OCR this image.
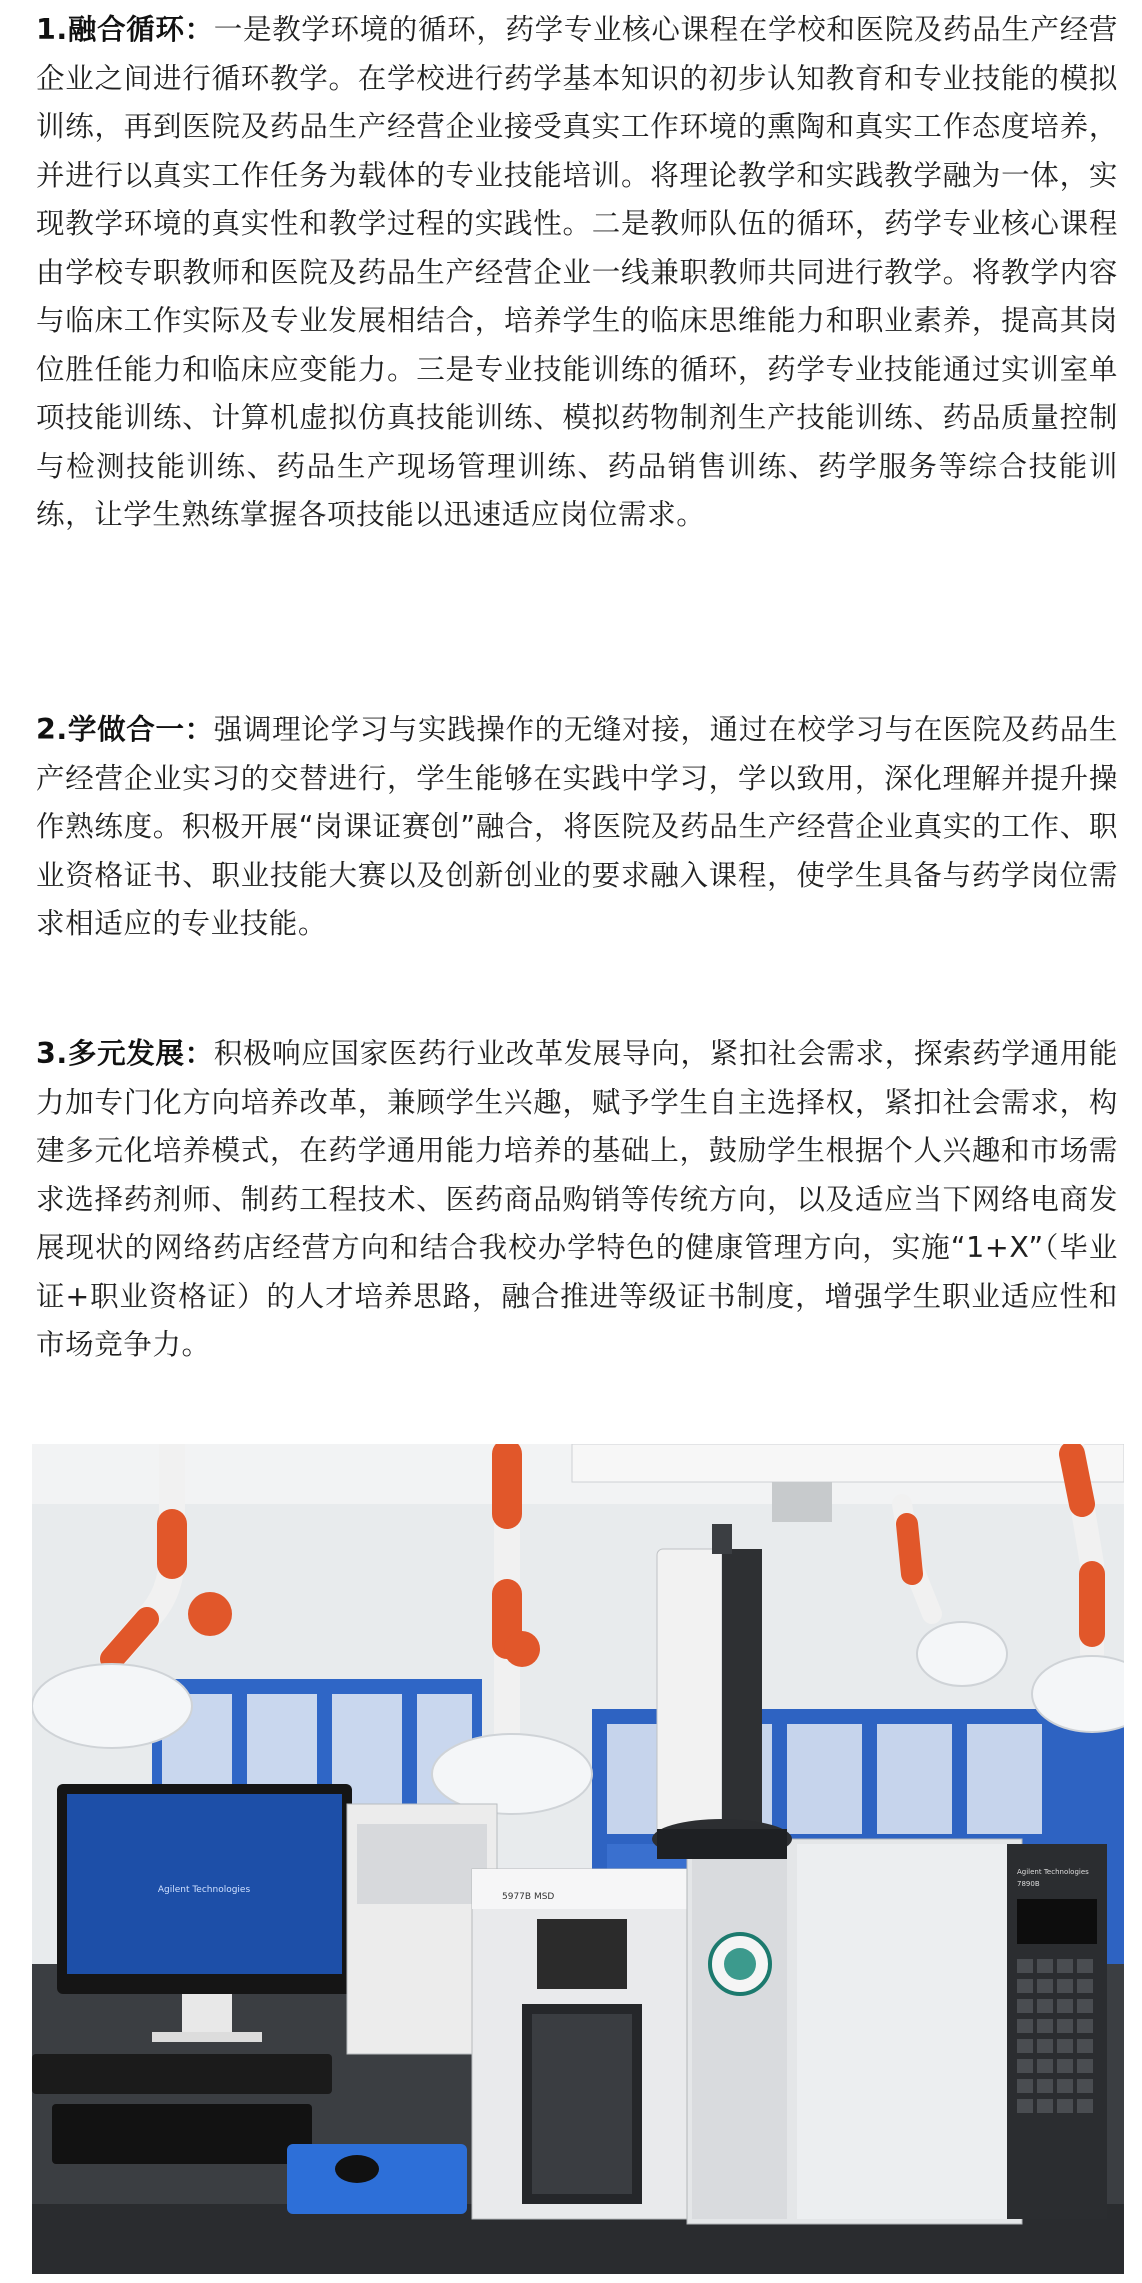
1.融合循环：一是教学环境的循环，药学专业核心课程在学校和医院及药品生产经营企业之间进行循环教学。在学校进行药学基本知识的初步认知教育和专业技能的模拟训练，再到医院及药品生产经营企业接受真实工作环境的熏陶和真实工作态度培养，并进行以真实工作任务为载体的专业技能培训。将理论教学和实践教学融为一体，实现教学环境的真实性和教学过程的实践性。二是教师队伍的循环，药学专业核心课程由学校专职教师和医院及药品生产经营企业一线兼职教师共同进行教学。将教学内容与临床工作实际及专业发展相结合，培养学生的临床思维能力和职业素养，提高其岗位胜任能力和临床应变能力。三是专业技能训练的循环，药学专业技能通过实训室单项技能训练、计算机虚拟仿真技能训练、模拟药物制剂生产技能训练、药品质量控制与检测技能训练、药品生产现场管理训练、药品销售训练、药学服务等综合技能训练，让学生熟练掌握各项技能以迅速适应岗位需求。

2.学做合一：强调理论学习与实践操作的无缝对接，通过在校学习与在医院及药品生产经营企业实习的交替进行，学生能够在实践中学习，学以致用，深化理解并提升操作熟练度。积极开展“岗课证赛创”融合，将医院及药品生产经营企业真实的工作、职业资格证书、职业技能大赛以及创新创业的要求融入课程，使学生具备与药学岗位需求相适应的专业技能。

3.多元发展：积极响应国家医药行业改革发展导向，紧扣社会需求，探索药学通用能力加专门化方向培养改革，兼顾学生兴趣，赋予学生自主选择权，紧扣社会需求，构建多元化培养模式，在药学通用能力培养的基础上，鼓励学生根据个人兴趣和市场需求选择药剂师、制药工程技术、医药商品购销等传统方向，以及适应当下网络电商发展现状的网络药店经营方向和结合我校办学特色的健康管理方向，实施“1+X”（毕业证+职业资格证）的人才培养思路，融合推进等级证书制度，增强学生职业适应性和市场竞争力。

Agilent Technologies
5977B MSD
Agilent Technologies
7890B
